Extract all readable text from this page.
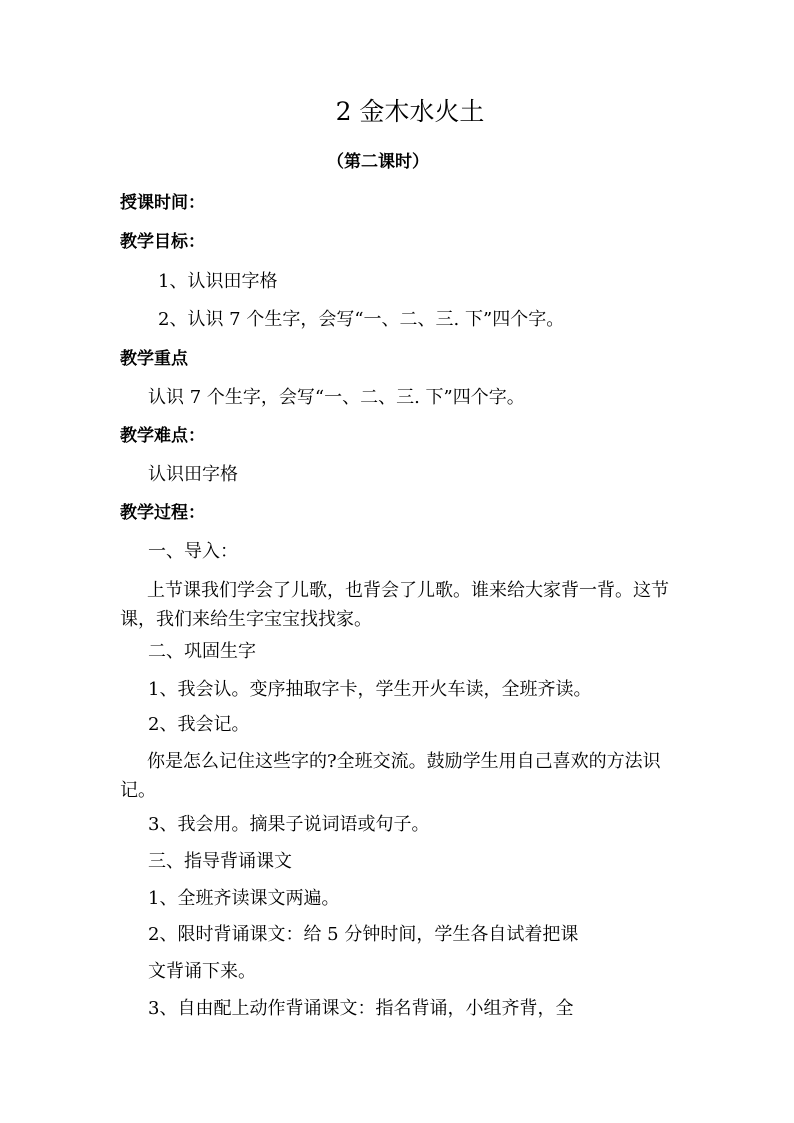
2 金木水火土
（第二课时）
授课时间：
教学目标：
1、认识田字格
2、认识 7 个生字，会写“一、二、三. 下”四个字。
教学重点
认识 7 个生字，会写“一、二、三. 下”四个字。
教学难点：
认识田字格
教学过程：
一、导入：
上节课我们学会了儿歌，也背会了儿歌。谁来给大家背一背。这节课，我们来给生字宝宝找找家。
二、巩固生字
1、我会认。变序抽取字卡，学生开火车读，全班齐读。
2、我会记。
你是怎么记住这些字的?全班交流。鼓励学生用自己喜欢的方法识记。
3、我会用。摘果子说词语或句子。
三、指导背诵课文
1、全班齐读课文两遍。
2、限时背诵课文：给 5 分钟时间，学生各自试着把课
文背诵下来。
3、自由配上动作背诵课文：指名背诵，小组齐背，全
